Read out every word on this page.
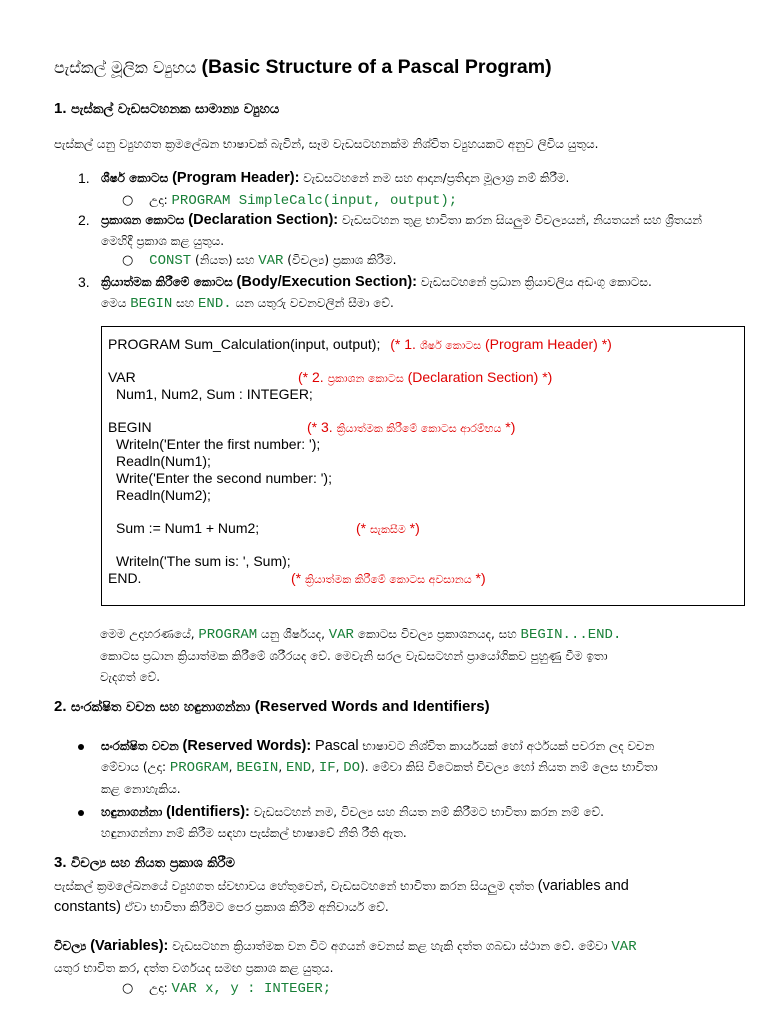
පැස්කල් මූලික ව්‍යුහය (Basic Structure of a Pascal Program)
1. පැස්කල් වැඩසටහනක සාමාන්‍ය ව්‍යුහය
පැස්කල් යනු ව්‍යුහගත ක්‍රමලේඛන භාෂාවක් බැවින්, සෑම වැඩසටහනක්ම නිශ්චිත ව්‍යුහයකට අනුව ලිවිය යුතුය.
1. ශීර්ෂ කොටස (Program Header): වැඩසටහනේ නම සහ ආදාන/ප්‍රතිදාන මූලාශ්‍ර නම් කිරීම.
○ උදා: PROGRAM SimpleCalc(input, output);
2. ප්‍රකාශන කොටස (Declaration Section): වැඩසටහන තුළ භාවිතා කරන සියලුම විචල්‍යයන්, නියතයන් සහ ශ්‍රිතයන් මෙහිදී ප්‍රකාශ කළ යුතුය.
○ CONST (නියත) සහ VAR (විචල්‍ය) ප්‍රකාශ කිරීම.
3. ක්‍රියාත්මක කිරීමේ කොටස (Body/Execution Section): වැඩසටහනේ ප්‍රධාන ක්‍රියාවලිය අඩංගු කොටස.
මෙය BEGIN සහ END. යන යතුරු වචනවලින් සීමා වේ.
PROGRAM Sum_Calculation(input, output); (* 1. ශීර්ෂ කොටස (Program Header) *)
VAR	(* 2. ප්‍රකාශන කොටස (Declaration Section) *)
Num1, Num2, Sum : INTEGER;
BEGIN	(* 3. ක්‍රියාත්මක කිරීමේ කොටස ආරම්භය *)
Writeln('Enter the first number: ');
Readln(Num1);
Write('Enter the second number: ');
Readln(Num2);
Sum := Num1 + Num2;	(* සැකසීම *)
Writeln('The sum is: ', Sum);
END.	(* ක්‍රියාත්මක කිරීමේ කොටස අවසානය *)
මෙම උදාහරණයේ, PROGRAM යනු ශීර්ෂයද, VAR කොටස විචල්‍ය ප්‍රකාශනයද, සහ BEGIN...END.
කොටස ප්‍රධාන ක්‍රියාත්මක කිරීමේ ශරීරයද වේ. මෙවැනි සරල වැඩසටහන් ප්‍රායෝගිකව පුහුණු වීම ඉතා
වැදගත් වේ.
2. සංරක්ෂිත වචන සහ හඳුනාගන්නා (Reserved Words and Identifiers)
සංරක්ෂිත වචන (Reserved Words): Pascal භාෂාවට නිශ්චිත කාර්යයක් හෝ අර්ථයක් පවරන ලද වචන
මේවාය (උදා: PROGRAM, BEGIN, END, IF, DO). මේවා කිසි විටෙකත් විචල්‍ය හෝ නියත නම් ලෙස භාවිතා
කළ නොහැකිය.
හඳුනාගන්නා (Identifiers): වැඩසටහන් නම, විචල්‍ය සහ නියත නම් කිරීමට භාවිතා කරන නම් වේ.
හඳුනාගන්නා නම් කිරීම සඳහා පැස්කල් භාෂාවේ නීති රීති ඇත.
3. විචල්‍ය සහ නියත ප්‍රකාශ කිරීම
පැස්කල් ක්‍රමලේඛනයේ ව්‍යුහගත ස්වභාවය හේතුවෙන්, වැඩසටහනේ භාවිතා කරන සියලුම දත්ත (variables and
constants) ඒවා භාවිතා කිරීමට පෙර ප්‍රකාශ කිරීම අනිවාර්ය වේ.
විචල්‍ය (Variables): වැඩසටහන ක්‍රියාත්මක වන විට අගයන් වෙනස් කළ හැකි දත්ත ගබඩා ස්ථාන වේ. මේවා VAR
යතුර භාවිත කර, දත්ත වර්ගයද සමඟ ප්‍රකාශ කළ යුතුය.
○ උදා: VAR x, y : INTEGER;
